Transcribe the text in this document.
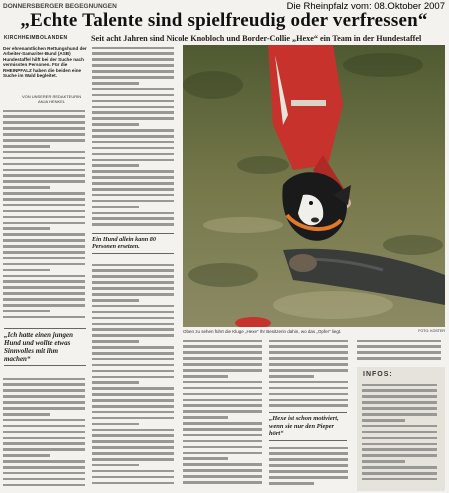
Die Rheinpfalz vom: 08.Oktober 2007
DONNERSBERGER BEGEGNUNGEN
„Echte Talente sind spielfreudig oder verfressen“
KIRCHHEIMBOLANDEN	Seit acht Jahren sind Nicole Knobloch und Border-Collie „Hexe“ ein Team in der Hundestaffel
Der ehrenamtlichen Rettungshund der Arbeiter-Samariter-Bund (ASB) Hundestaffel hilft bei der Suche nach vermissten Personen. Für die RHEINPFALZ haben die beiden eine Suche im Wald begleitet.
VON UNSERER REDAKTEURIN
ANJA HENKEL
„Ich hatte einen jungen Hund und wollte etwas Sinnvolles mit ihm machen“
Ein Hund allein kann 80 Personen ersetzen.
Oben zu sehen führt die Kluge „Hexe“ Ihr Besitzerin dahin, wo das „Opfer“ liegt.	FOTO: KOSTER
„Hexe ist schon motiviert, wenn sie nur den Pieper hört“
INFOS:
